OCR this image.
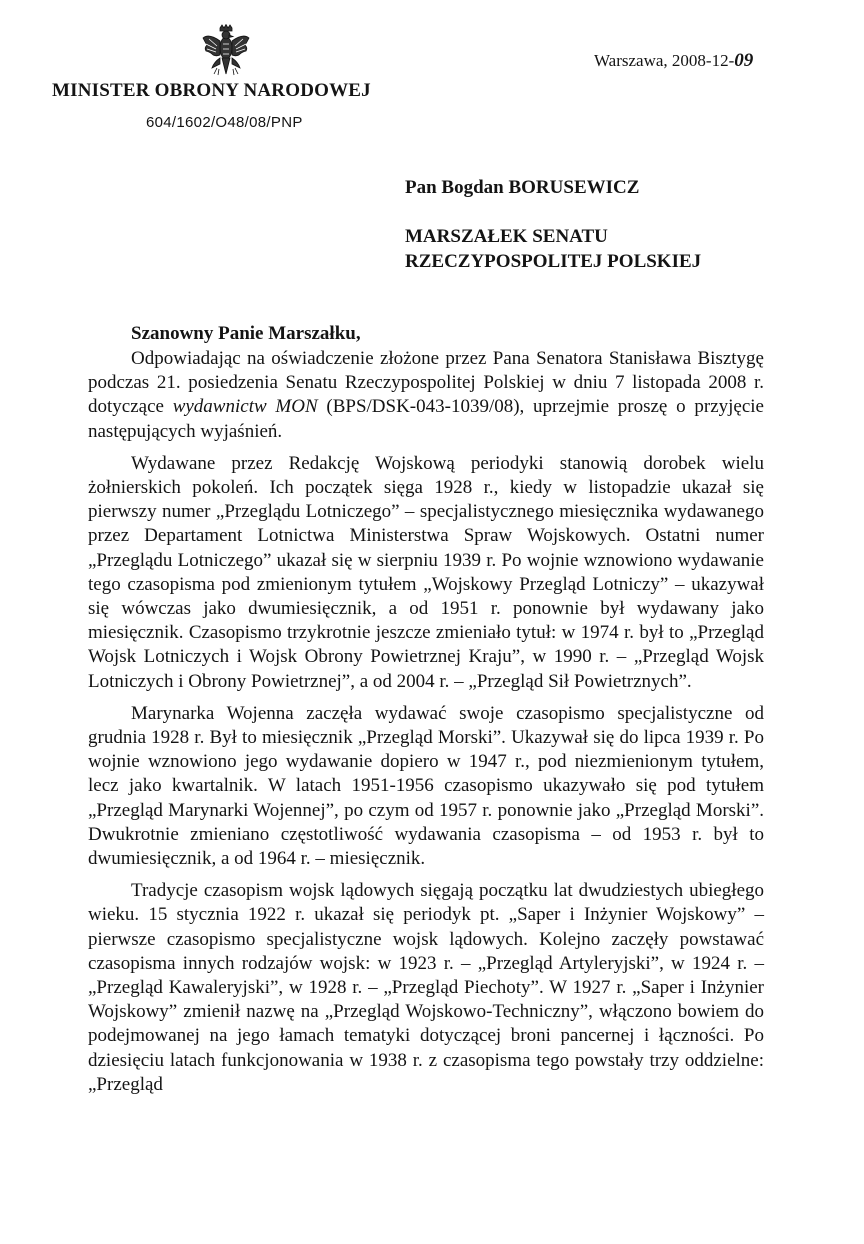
Warszawa, 2008-12-09
MINISTER OBRONY NARODOWEJ
604/1602/O48/08/PNP
Pan Bogdan BORUSEWICZ
MARSZAŁEK SENATU
RZECZYPOSPOLITEJ POLSKIEJ
Szanowny Panie Marszałku,

Odpowiadając na oświadczenie złożone przez Pana Senatora Stanisława Bisztygę podczas 21. posiedzenia Senatu Rzeczypospolitej Polskiej w dniu 7 listopada 2008 r. dotyczące wydawnictw MON (BPS/DSK-043-1039/08), uprzejmie proszę o przyjęcie następujących wyjaśnień.

Wydawane przez Redakcję Wojskową periodyki stanowią dorobek wielu żołnierskich pokoleń. Ich początek sięga 1928 r., kiedy w listopadzie ukazał się pierwszy numer „Przeglądu Lotniczego” – specjalistycznego miesięcznika wydawanego przez Departament Lotnictwa Ministerstwa Spraw Wojskowych. Ostatni numer „Przeglądu Lotniczego” ukazał się w sierpniu 1939 r. Po wojnie wznowiono wydawanie tego czasopisma pod zmienionym tytułem „Wojskowy Przegląd Lotniczy” – ukazywał się wówczas jako dwumiesięcznik, a od 1951 r. ponownie był wydawany jako miesięcznik. Czasopismo trzykrotnie jeszcze zmieniało tytuł: w 1974 r. był to „Przegląd Wojsk Lotniczych i Wojsk Obrony Powietrznej Kraju”, w 1990 r. – „Przegląd Wojsk Lotniczych i Obrony Powietrznej”, a od 2004 r. – „Przegląd Sił Powietrznych”.

Marynarka Wojenna zaczęła wydawać swoje czasopismo specjalistyczne od grudnia 1928 r. Był to miesięcznik „Przegląd Morski”. Ukazywał się do lipca 1939 r. Po wojnie wznowiono jego wydawanie dopiero w 1947 r., pod niezmienionym tytułem, lecz jako kwartalnik. W latach 1951-1956 czasopismo ukazywało się pod tytułem „Przegląd Marynarki Wojennej”, po czym od 1957 r. ponownie jako „Przegląd Morski”. Dwukrotnie zmieniano częstotliwość wydawania czasopisma – od 1953 r. był to dwumiesięcznik, a od 1964 r. – miesięcznik.

Tradycje czasopism wojsk lądowych sięgają początku lat dwudziestych ubiegłego wieku. 15 stycznia 1922 r. ukazał się periodyk pt. „Saper i Inżynier Wojskowy” – pierwsze czasopismo specjalistyczne wojsk lądowych. Kolejno zaczęły powstawać czasopisma innych rodzajów wojsk: w 1923 r. – „Przegląd Artyleryjski”, w 1924 r. – „Przegląd Kawaleryjski”, w 1928 r. – „Przegląd Piechoty”. W 1927 r. „Saper i Inżynier Wojskowy” zmienił nazwę na „Przegląd Wojskowo-Techniczny”, włączono bowiem do podejmowanej na jego łamach tematyki dotyczącej broni pancernej i łączności. Po dziesięciu latach funkcjonowania w 1938 r. z czasopisma tego powstały trzy oddzielne: „Przegląd
